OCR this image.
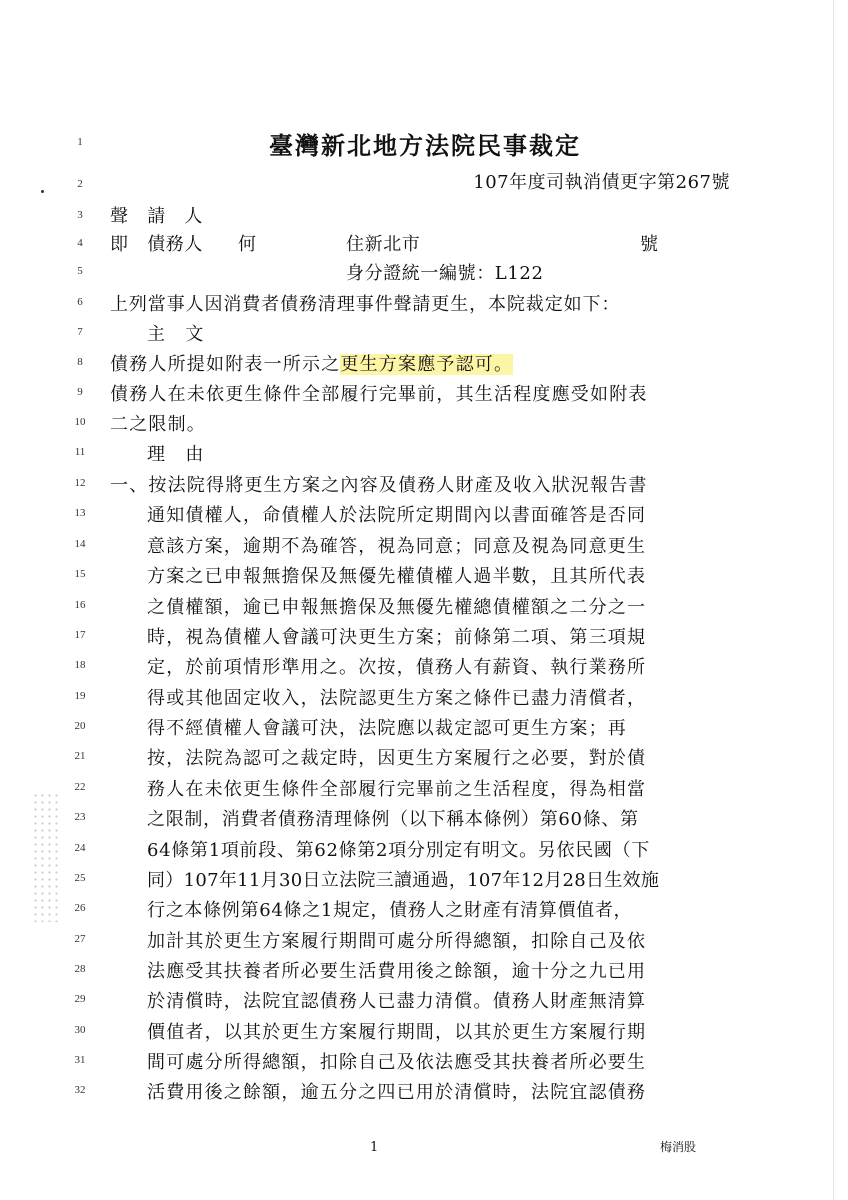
1
2
3
4
5
6
7
8
9
10
11
12
13
14
15
16
17
18
19
20
21
22
23
24
25
26
27
28
29
30
31
32
臺灣新北地方法院民事裁定
107年度司執消債更字第267號
聲　請　人
即　債務人 何	住新北市	號
身分證統一編號：L122
上列當事人因消費者債務清理事件聲請更生，本院裁定如下：
主　文
債務人所提如附表一所示之更生方案應予認可。
債務人在未依更生條件全部履行完畢前，其生活程度應受如附表
二之限制。
理　由
一、按法院得將更生方案之內容及債務人財產及收入狀況報告書
通知債權人，命債權人於法院所定期間內以書面確答是否同
意該方案，逾期不為確答，視為同意；同意及視為同意更生
方案之已申報無擔保及無優先權債權人過半數，且其所代表
之債權額，逾已申報無擔保及無優先權總債權額之二分之一
時，視為債權人會議可決更生方案；前條第二項、第三項規
定，於前項情形準用之。次按，債務人有薪資、執行業務所
得或其他固定收入，法院認更生方案之條件已盡力清償者，
得不經債權人會議可決，法院應以裁定認可更生方案；再
按，法院為認可之裁定時，因更生方案履行之必要，對於債
務人在未依更生條件全部履行完畢前之生活程度，得為相當
之限制，消費者債務清理條例（以下稱本條例）第60條、第
64條第1項前段、第62條第2項分別定有明文。另依民國（下
同）107年11月30日立法院三讀通過，107年12月28日生效施
行之本條例第64條之1規定，債務人之財產有清算價值者，
加計其於更生方案履行期間可處分所得總額，扣除自己及依
法應受其扶養者所必要生活費用後之餘額，逾十分之九已用
於清償時，法院宜認債務人已盡力清償。債務人財產無清算
價值者，以其於更生方案履行期間，以其於更生方案履行期
間可處分所得總額，扣除自己及依法應受其扶養者所必要生
活費用後之餘額，逾五分之四已用於清償時，法院宜認債務
1	梅消股
